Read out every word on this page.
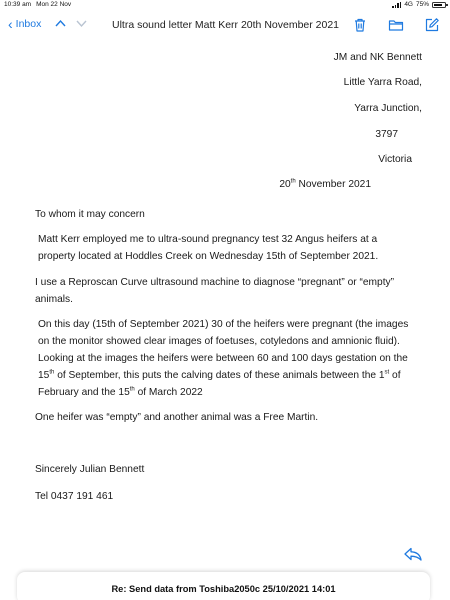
10:39 am Mon 22 Nov	4G 75%
‹ Inbox	Ultra sound letter Matt Kerr 20th November 2021
JM and NK Bennett
Little Yarra Road,
Yarra Junction,
3797
Victoria
20th November 2021
To whom it may concern
Matt Kerr employed me to ultra-sound pregnancy test 32 Angus heifers at a property located at Hoddles Creek on Wednesday 15th of September 2021.
I use a Reproscan Curve ultrasound machine to diagnose “pregnant” or “empty” animals.
On this day (15th of September 2021) 30 of the heifers were pregnant (the images on the monitor showed clear images of foetuses, cotyledons and amnionic fluid). Looking at the images the heifers were between 60 and 100 days gestation on the 15th of September, this puts the calving dates of these animals between the 1st of February and the 15th of March 2022
One heifer was “empty” and another animal was a Free Martin.
Sincerely Julian Bennett
Tel 0437 191 461
Re: Send data from Toshiba2050c 25/10/2021 14:01
